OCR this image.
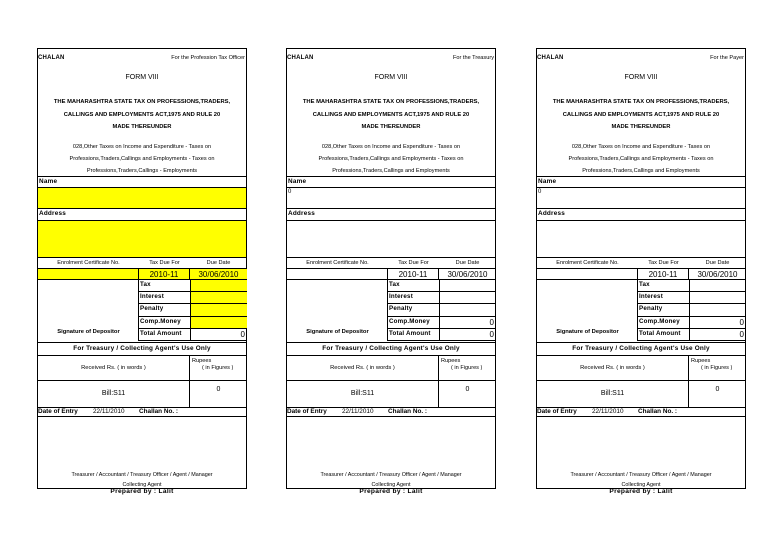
CHALAN	For the Profession Tax Officer
FORM VIII
THE MAHARASHTRA STATE TAX ON PROFESSIONS,TRADERS,
CALLINGS AND EMPLOYMENTS ACT,1975 AND RULE 20
MADE THEREUNDER
028,Other Taxes on Income and Expenditure - Taxes on
Professions,Traders,Callings and Employments - Taxes on
Professions,Traders,Callings - Employments
Name
Address
Enrolment Certificate No.	Tax Due For	Due Date
2010-11	30/06/2010
Signature of Depositor
Tax
Interest
Penalty
Comp.Money
Total Amount	0
For Treasury / Collecting Agent's Use Only
Received Rs. ( in words )
Rupees
( in Figures )
Bill:S11
0
Date of Entry 22/11/2010 Challan No. :
Treasurer / Accountant / Treasury Officer / Agent / Manager
Collecting Agent
Prepared by : Lalit
CHALAN	For the Treasury
FORM VIII
THE MAHARASHTRA STATE TAX ON PROFESSIONS,TRADERS,
CALLINGS AND EMPLOYMENTS ACT,1975 AND RULE 20
MADE THEREUNDER
028,Other Taxes on Income and Expenditure - Taxes on
Professions,Traders,Callings and Employments - Taxes on
Professions,Traders,Callings and Employments
Name
0
Address
Enrolment Certificate No.	Tax Due For	Due Date
2010-11	30/06/2010
Signature of Depositor
Tax
Interest
Penalty
Comp.Money	0
Total Amount	0
For Treasury / Collecting Agent's Use Only
Received Rs. ( in words )
Rupees
( in Figures )
Bill:S11
0
Date of Entry 22/11/2010 Challan No. :
Treasurer / Accountant / Treasury Officer / Agent / Manager
Collecting Agent
Prepared by : Lalit
CHALAN	For the Payer
FORM VIII
THE MAHARASHTRA STATE TAX ON PROFESSIONS,TRADERS,
CALLINGS AND EMPLOYMENTS ACT,1975 AND RULE 20
MADE THEREUNDER
028,Other Taxes on Income and Expenditure - Taxes on
Professions,Traders,Callings and Employments - Taxes on
Professions,Traders,Callings and Employments
Name
0
Address
Enrolment Certificate No.	Tax Due For	Due Date
2010-11	30/06/2010
Signature of Depositor
Tax
Interest
Penalty
Comp.Money	0
Total Amount	0
For Treasury / Collecting Agent's Use Only
Received Rs. ( in words )
Rupees
( in Figures )
Bill:S11
0
Date of Entry 22/11/2010 Challan No. :
Treasurer / Accountant / Treasury Officer / Agent / Manager
Collecting Agent
Prepared by : Lalit
